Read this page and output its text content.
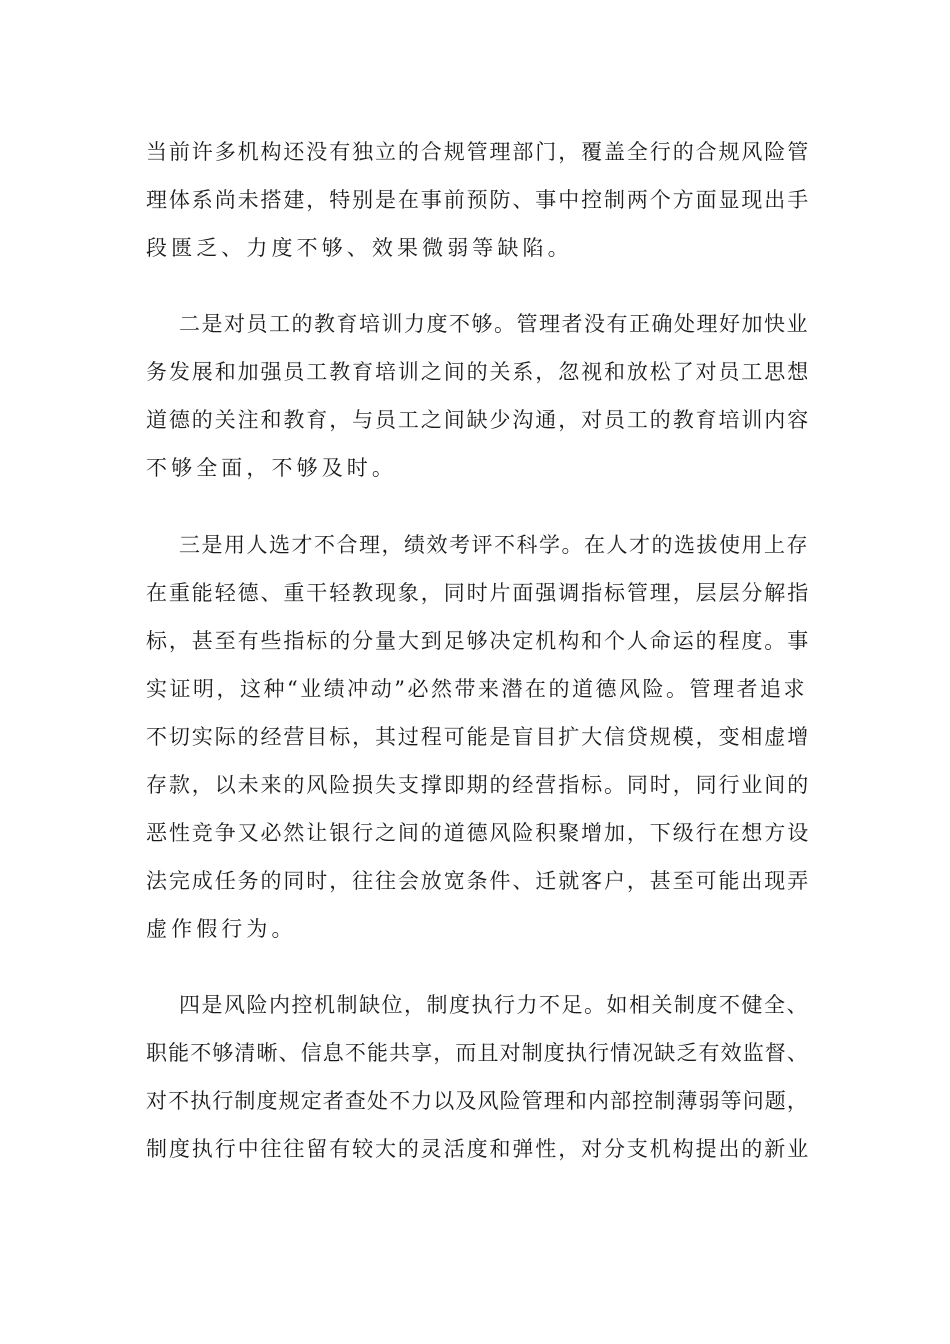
当前许多机构还没有独立的合规管理部门，覆盖全行的合规风险管
理体系尚未搭建，特别是在事前预防、事中控制两个方面显现出手
段匮乏、力度不够、效果微弱等缺陷。
二是对员工的教育培训力度不够。管理者没有正确处理好加快业
务发展和加强员工教育培训之间的关系，忽视和放松了对员工思想
道德的关注和教育，与员工之间缺少沟通，对员工的教育培训内容
不够全面，不够及时。
三是用人选才不合理，绩效考评不科学。在人才的选拔使用上存
在重能轻德、重干轻教现象，同时片面强调指标管理，层层分解指
标，甚至有些指标的分量大到足够决定机构和个人命运的程度。事
实证明，这种“业绩冲动”必然带来潜在的道德风险。管理者追求
不切实际的经营目标，其过程可能是盲目扩大信贷规模，变相虚增
存款，以未来的风险损失支撑即期的经营指标。同时，同行业间的
恶性竞争又必然让银行之间的道德风险积聚增加，下级行在想方设
法完成任务的同时，往往会放宽条件、迁就客户，甚至可能出现弄
虚作假行为。
四是风险内控机制缺位，制度执行力不足。如相关制度不健全、
职能不够清晰、信息不能共享，而且对制度执行情况缺乏有效监督、
对不执行制度规定者查处不力以及风险管理和内部控制薄弱等问题，
制度执行中往往留有较大的灵活度和弹性，对分支机构提出的新业
